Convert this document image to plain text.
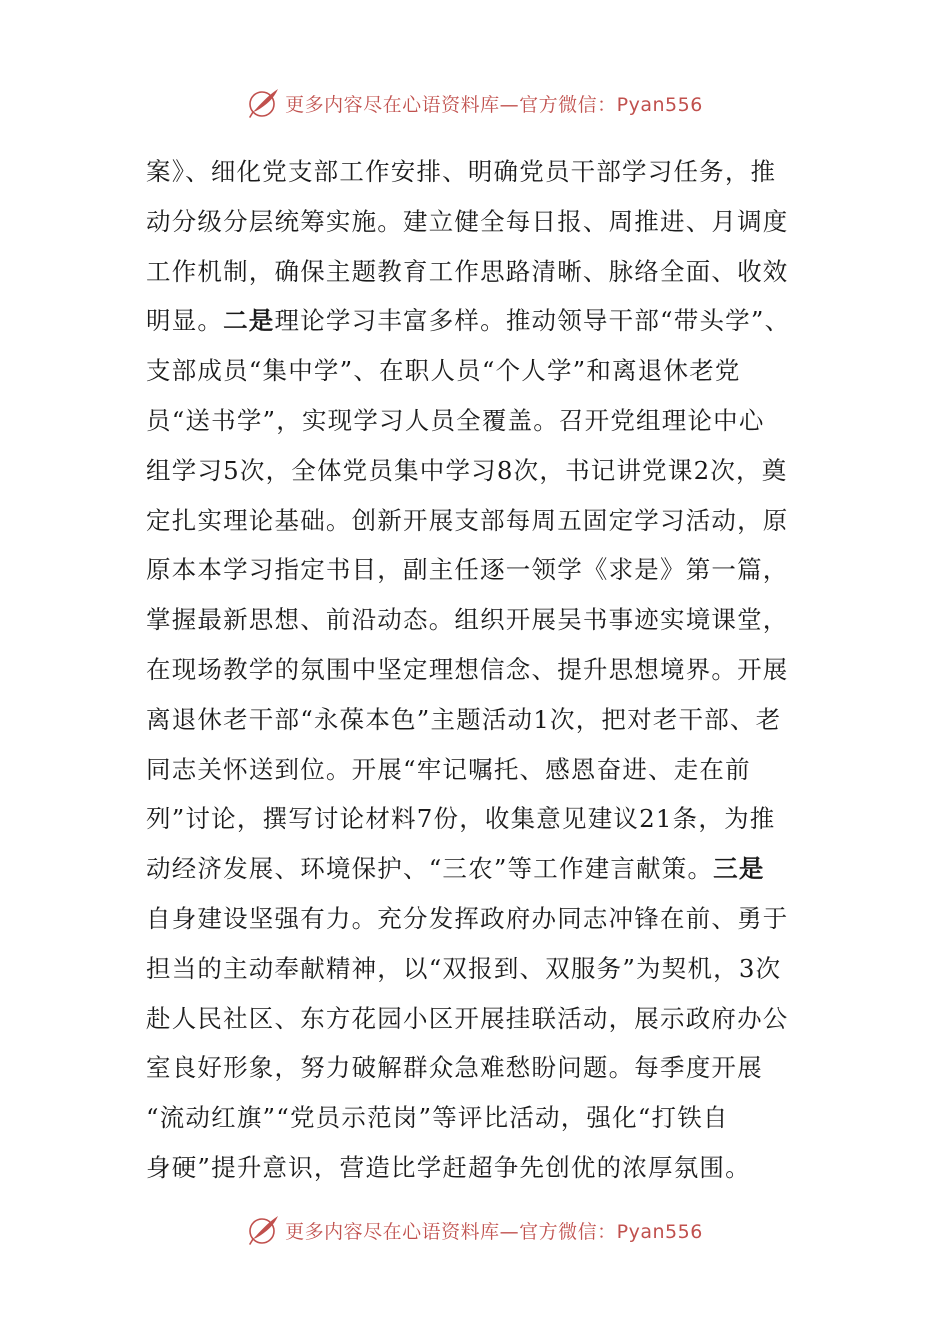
更多内容尽在心语资料库—官方微信：Pyan556
案》、细化党支部工作安排、明确党员干部学习任务，推
动分级分层统筹实施。建立健全每日报、周推进、月调度
工作机制，确保主题教育工作思路清晰、脉络全面、收效
明显。二是理论学习丰富多样。推动领导干部“带头学”、
支部成员“集中学”、在职人员“个人学”和离退休老党
员“送书学”，实现学习人员全覆盖。召开党组理论中心
组学习5次，全体党员集中学习8次，书记讲党课2次，奠
定扎实理论基础。创新开展支部每周五固定学习活动，原
原本本学习指定书目，副主任逐一领学《求是》第一篇，
掌握最新思想、前沿动态。组织开展吴书事迹实境课堂，
在现场教学的氛围中坚定理想信念、提升思想境界。开展
离退休老干部“永葆本色”主题活动1次，把对老干部、老
同志关怀送到位。开展“牢记嘱托、感恩奋进、走在前
列”讨论，撰写讨论材料7份，收集意见建议21条，为推
动经济发展、环境保护、“三农”等工作建言献策。三是
自身建设坚强有力。充分发挥政府办同志冲锋在前、勇于
担当的主动奉献精神，以“双报到、双服务”为契机，3次
赴人民社区、东方花园小区开展挂联活动，展示政府办公
室良好形象，努力破解群众急难愁盼问题。每季度开展
“流动红旗”“党员示范岗”等评比活动，强化“打铁自
身硬”提升意识，营造比学赶超争先创优的浓厚氛围。
更多内容尽在心语资料库—官方微信：Pyan556
